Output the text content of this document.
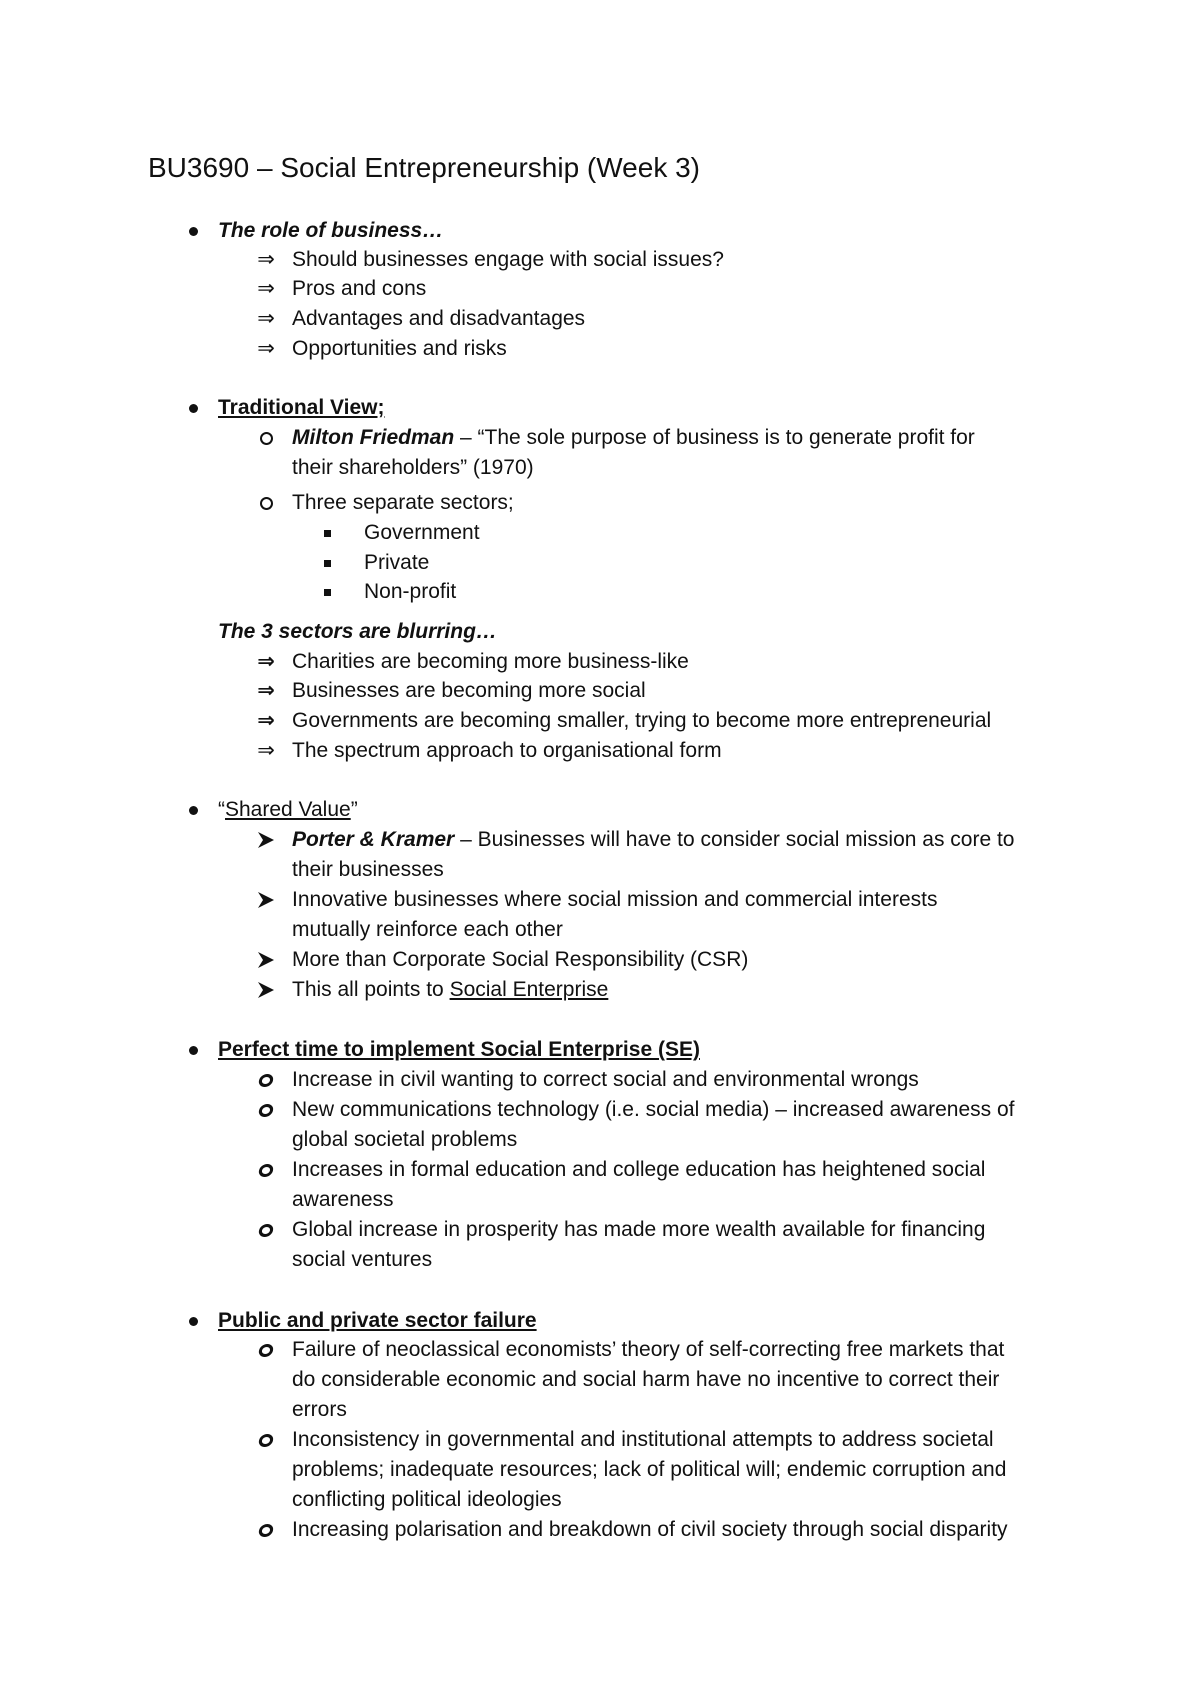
BU3690 – Social Entrepreneurship (Week 3)
The role of business…
⇒ Should businesses engage with social issues?
⇒ Pros and cons
⇒ Advantages and disadvantages
⇒ Opportunities and risks
Traditional View;
Milton Friedman – “The sole purpose of business is to generate profit for
their shareholders” (1970)
Three separate sectors;
Government
Private
Non-profit
The 3 sectors are blurring…
⇒ Charities are becoming more business-like
⇒ Businesses are becoming more social
⇒ Governments are becoming smaller, trying to become more entrepreneurial
⇒ The spectrum approach to organisational form
“Shared Value”
Porter & Kramer – Businesses will have to consider social mission as core to
their businesses
Innovative businesses where social mission and commercial interests
mutually reinforce each other
More than Corporate Social Responsibility (CSR)
This all points to Social Enterprise
Perfect time to implement Social Enterprise (SE)
Increase in civil wanting to correct social and environmental wrongs
New communications technology (i.e. social media) – increased awareness of
global societal problems
Increases in formal education and college education has heightened social
awareness
Global increase in prosperity has made more wealth available for financing
social ventures
Public and private sector failure
Failure of neoclassical economists’ theory of self-correcting free markets that
do considerable economic and social harm have no incentive to correct their
errors
Inconsistency in governmental and institutional attempts to address societal
problems; inadequate resources; lack of political will; endemic corruption and
conflicting political ideologies
Increasing polarisation and breakdown of civil society through social disparity
